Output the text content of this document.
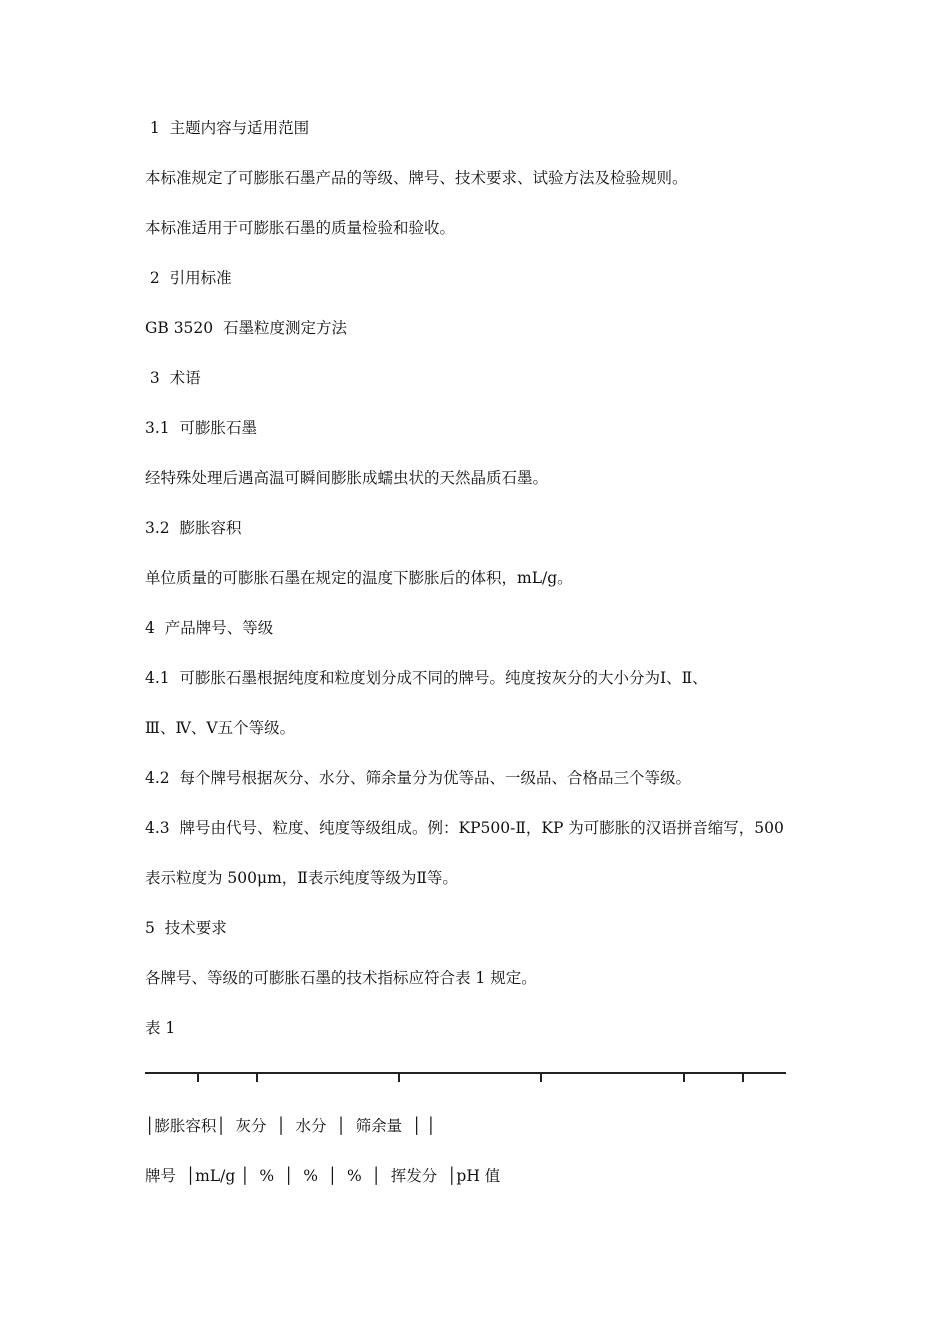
1  主题内容与适用范围
本标准规定了可膨胀石墨产品的等级、牌号、技术要求、试验方法及检验规则。
本标准适用于可膨胀石墨的质量检验和验收。
2  引用标准
GB 3520  石墨粒度测定方法
3  术语
3.1  可膨胀石墨
经特殊处理后遇高温可瞬间膨胀成蠕虫状的天然晶质石墨。
3.2  膨胀容积
单位质量的可膨胀石墨在规定的温度下膨胀后的体积，mL/g。
4  产品牌号、等级
4.1  可膨胀石墨根据纯度和粒度划分成不同的牌号。纯度按灰分的大小分为Ⅰ、Ⅱ、
Ⅲ、Ⅳ、Ⅴ五个等级。
4.2  每个牌号根据灰分、水分、筛余量分为优等品、一级品、合格品三个等级。
4.3  牌号由代号、粒度、纯度等级组成。例：KP500-Ⅱ，KP 为可膨胀的汉语拼音缩写，500
表示粒度为 500μm，Ⅱ表示纯度等级为Ⅱ等。
5  技术要求
各牌号、等级的可膨胀石墨的技术指标应符合表 1 规定。
表 1
│膨胀容积│  灰分  │  水分  │  筛余量  │ │
牌号  │mL/g │  %  │  %  │  %  │  挥发分  │pH 值
